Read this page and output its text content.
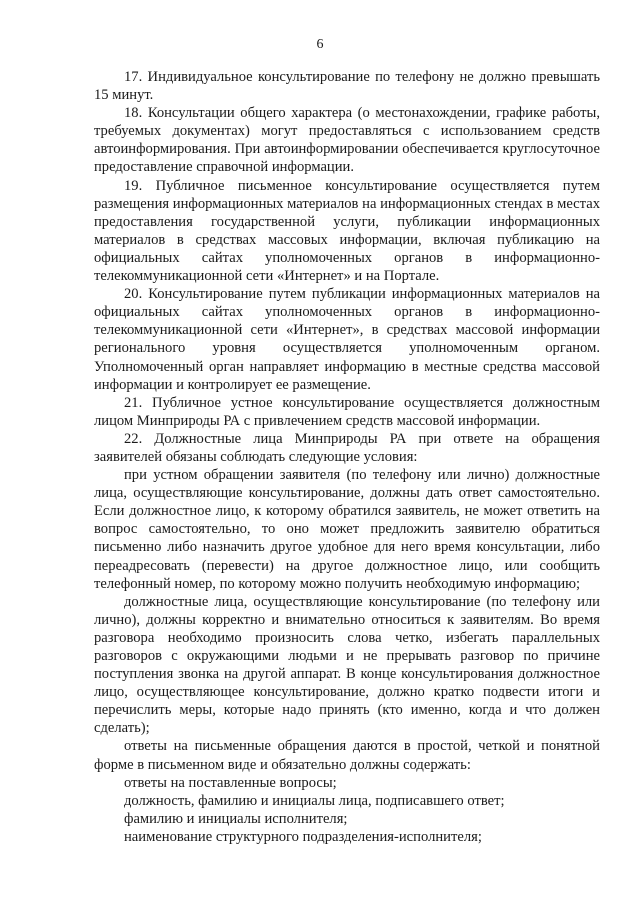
6

17. Индивидуальное консультирование по телефону не должно превышать 15 минут.

18. Консультации общего характера (о местонахождении, графике работы, требуемых документах) могут предоставляться с использованием средств автоинформирования. При автоинформировании обеспечивается круглосуточное предоставление справочной информации.

19. Публичное письменное консультирование осуществляется путем размещения информационных материалов на информационных стендах в местах предоставления государственной услуги, публикации информационных материалов в средствах массовых информации, включая публикацию на официальных сайтах уполномоченных органов в информационно-телекоммуникационной сети «Интернет» и на Портале.

20. Консультирование путем публикации информационных материалов на официальных сайтах уполномоченных органов в информационно-телекоммуникационной сети «Интернет», в средствах массовой информации регионального уровня осуществляется уполномоченным органом. Уполномоченный орган направляет информацию в местные средства массовой информации и контролирует ее размещение.

21. Публичное устное консультирование осуществляется должностным лицом Минприроды РА с привлечением средств массовой информации.

22. Должностные лица Минприроды РА при ответе на обращения заявителей обязаны соблюдать следующие условия:

при устном обращении заявителя (по телефону или лично) должностные лица, осуществляющие консультирование, должны дать ответ самостоятельно. Если должностное лицо, к которому обратился заявитель, не может ответить на вопрос самостоятельно, то оно может предложить заявителю обратиться письменно либо назначить другое удобное для него время консультации, либо переадресовать (перевести) на другое должностное лицо, или сообщить телефонный номер, по которому можно получить необходимую информацию;

должностные лица, осуществляющие консультирование (по телефону или лично), должны корректно и внимательно относиться к заявителям. Во время разговора необходимо произносить слова четко, избегать параллельных разговоров с окружающими людьми и не прерывать разговор по причине поступления звонка на другой аппарат. В конце консультирования должностное лицо, осуществляющее консультирование, должно кратко подвести итоги и перечислить меры, которые надо принять (кто именно, когда и что должен сделать);

ответы на письменные обращения даются в простой, четкой и понятной форме в письменном виде и обязательно должны содержать:

ответы на поставленные вопросы;

должность, фамилию и инициалы лица, подписавшего ответ;

фамилию и инициалы исполнителя;

наименование структурного подразделения-исполнителя;
